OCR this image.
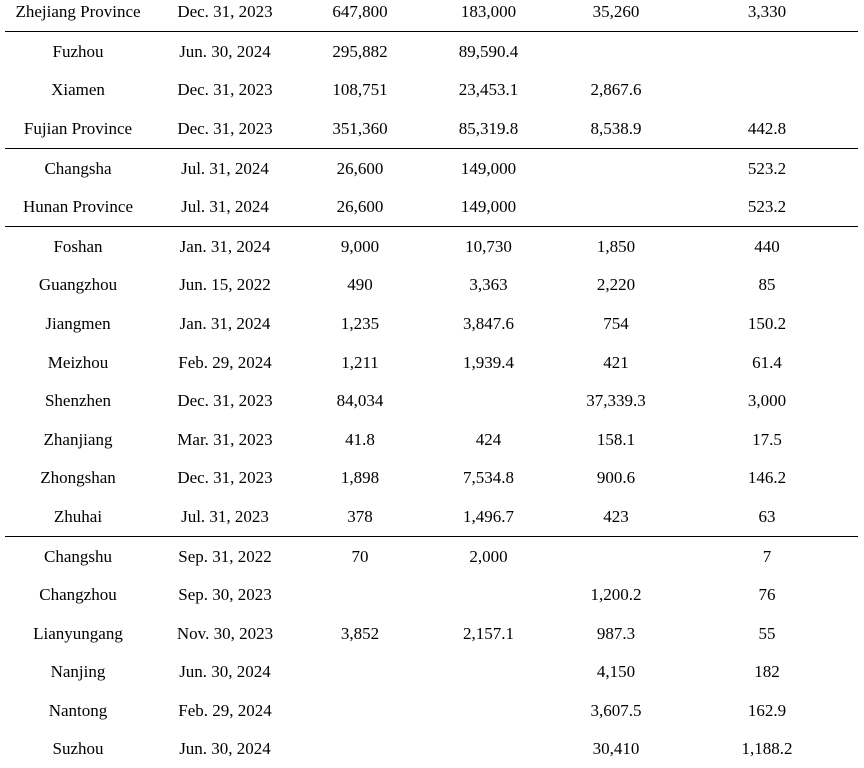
Zhejiang Province	Dec. 31, 2023	647,800	183,000	35,260	3,330
Fuzhou	Jun. 30, 2024	295,882	89,590.4		
Xiamen	Dec. 31, 2023	108,751	23,453.1	2,867.6	
Fujian Province	Dec. 31, 2023	351,360	85,319.8	8,538.9	442.8
Changsha	Jul. 31, 2024	26,600	149,000		523.2
Hunan Province	Jul. 31, 2024	26,600	149,000		523.2
Foshan	Jan. 31, 2024	9,000	10,730	1,850	440
Guangzhou	Jun. 15, 2022	490	3,363	2,220	85
Jiangmen	Jan. 31, 2024	1,235	3,847.6	754	150.2
Meizhou	Feb. 29, 2024	1,211	1,939.4	421	61.4
Shenzhen	Dec. 31, 2023	84,034		37,339.3	3,000
Zhanjiang	Mar. 31, 2023	41.8	424	158.1	17.5
Zhongshan	Dec. 31, 2023	1,898	7,534.8	900.6	146.2
Zhuhai	Jul. 31, 2023	378	1,496.7	423	63
Changshu	Sep. 31, 2022	70	2,000		7
Changzhou	Sep. 30, 2023			1,200.2	76
Lianyungang	Nov. 30, 2023	3,852	2,157.1	987.3	55
Nanjing	Jun. 30, 2024			4,150	182
Nantong	Feb. 29, 2024			3,607.5	162.9
Suzhou	Jun. 30, 2024			30,410	1,188.2
